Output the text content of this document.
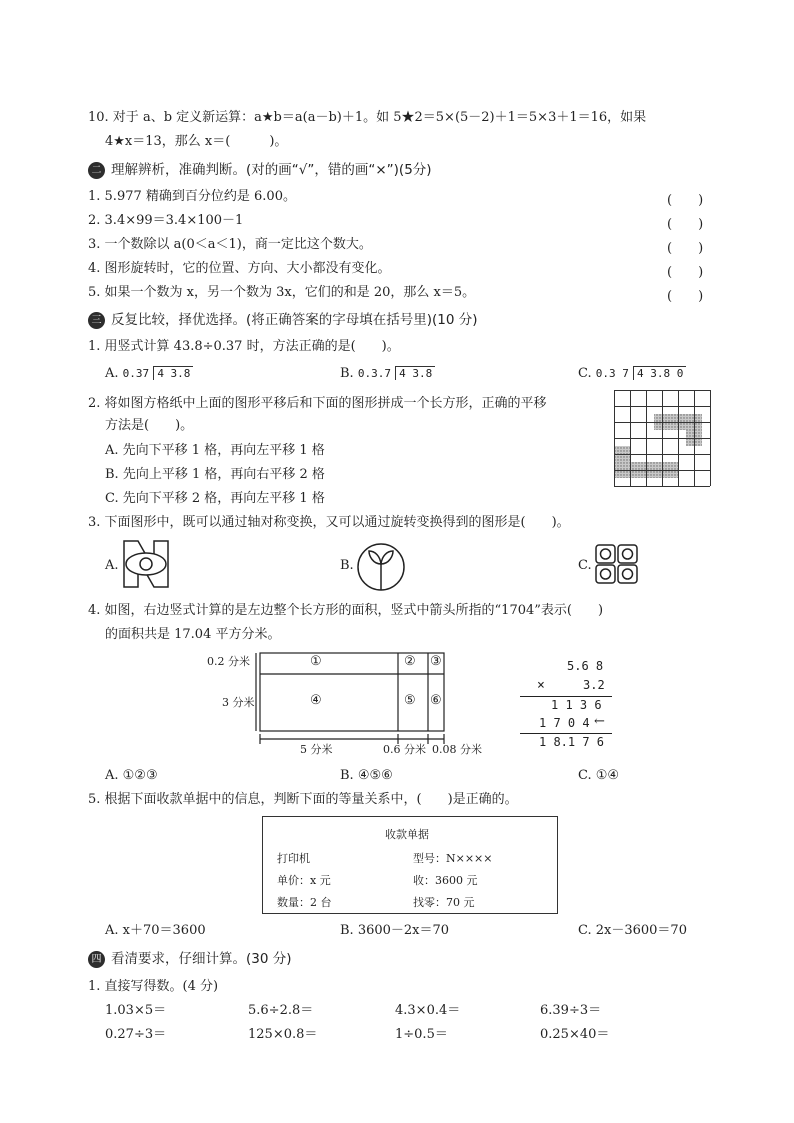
10. 对于 a、b 定义新运算：a★b＝a(a－b)＋1。如 5★2＝5×(5－2)＋1＝5×3＋1＝16，如果
4★x＝13，那么 x＝(　　　)。
二 理解辨析，准确判断。(对的画“√”，错的画“×”)(5分)
1. 5.977 精确到百分位约是 6.00。	(　　)
2. 3.4×99＝3.4×100－1	(　　)
3. 一个数除以 a(0＜a＜1)，商一定比这个数大。	(　　)
4. 图形旋转时，它的位置、方向、大小都没有变化。	(　　)
5. 如果一个数为 x，另一个数为 3x，它们的和是 20，那么 x＝5。	(　　)
三 反复比较，择优选择。(将正确答案的字母填在括号里)(10 分)
1. 用竖式计算 43.8÷0.37 时，方法正确的是(　　)。
A. 0.37 4 3.8	B. 0.3.7 4 3.8	C. 0.3 7 4 3.8 0
2. 将如图方格纸中上面的图形平移后和下面的图形拼成一个长方形，正确的平移
方法是(　　)。
A. 先向下平移 1 格，再向左平移 1 格
B. 先向上平移 1 格，再向右平移 2 格
C. 先向下平移 2 格，再向左平移 1 格
3. 下面图形中，既可以通过轴对称变换，又可以通过旋转变换得到的图形是(　　)。
A.	B.	C.
4. 如图，右边竖式计算的是左边整个长方形的面积，竖式中箭头所指的“1704”表示(　　)
的面积共是 17.04 平方分米。
0.2 分米
3 分米
①	② ③
④	⑤ ⑥
5 分米	0.6 分米 0.08 分米
5.6 8
×	3.2
1 1 3 6
1 7 0 4 ←
1 8.1 7 6
A. ①②③	B. ④⑤⑥	C. ①④
5. 根据下面收款单据中的信息，判断下面的等量关系中，(　　)是正确的。
收款单据
打印机	型号：N××××
单价：x 元	收：3600 元
数量：2 台	找零：70 元
A. x＋70＝3600	B. 3600－2x＝70	C. 2x－3600＝70
四 看清要求，仔细计算。(30 分)
1. 直接写得数。(4 分)
1.03×5＝	5.6÷2.8＝	4.3×0.4＝	6.39÷3＝
0.27÷3＝	125×0.8＝	1÷0.5＝	0.25×40＝
